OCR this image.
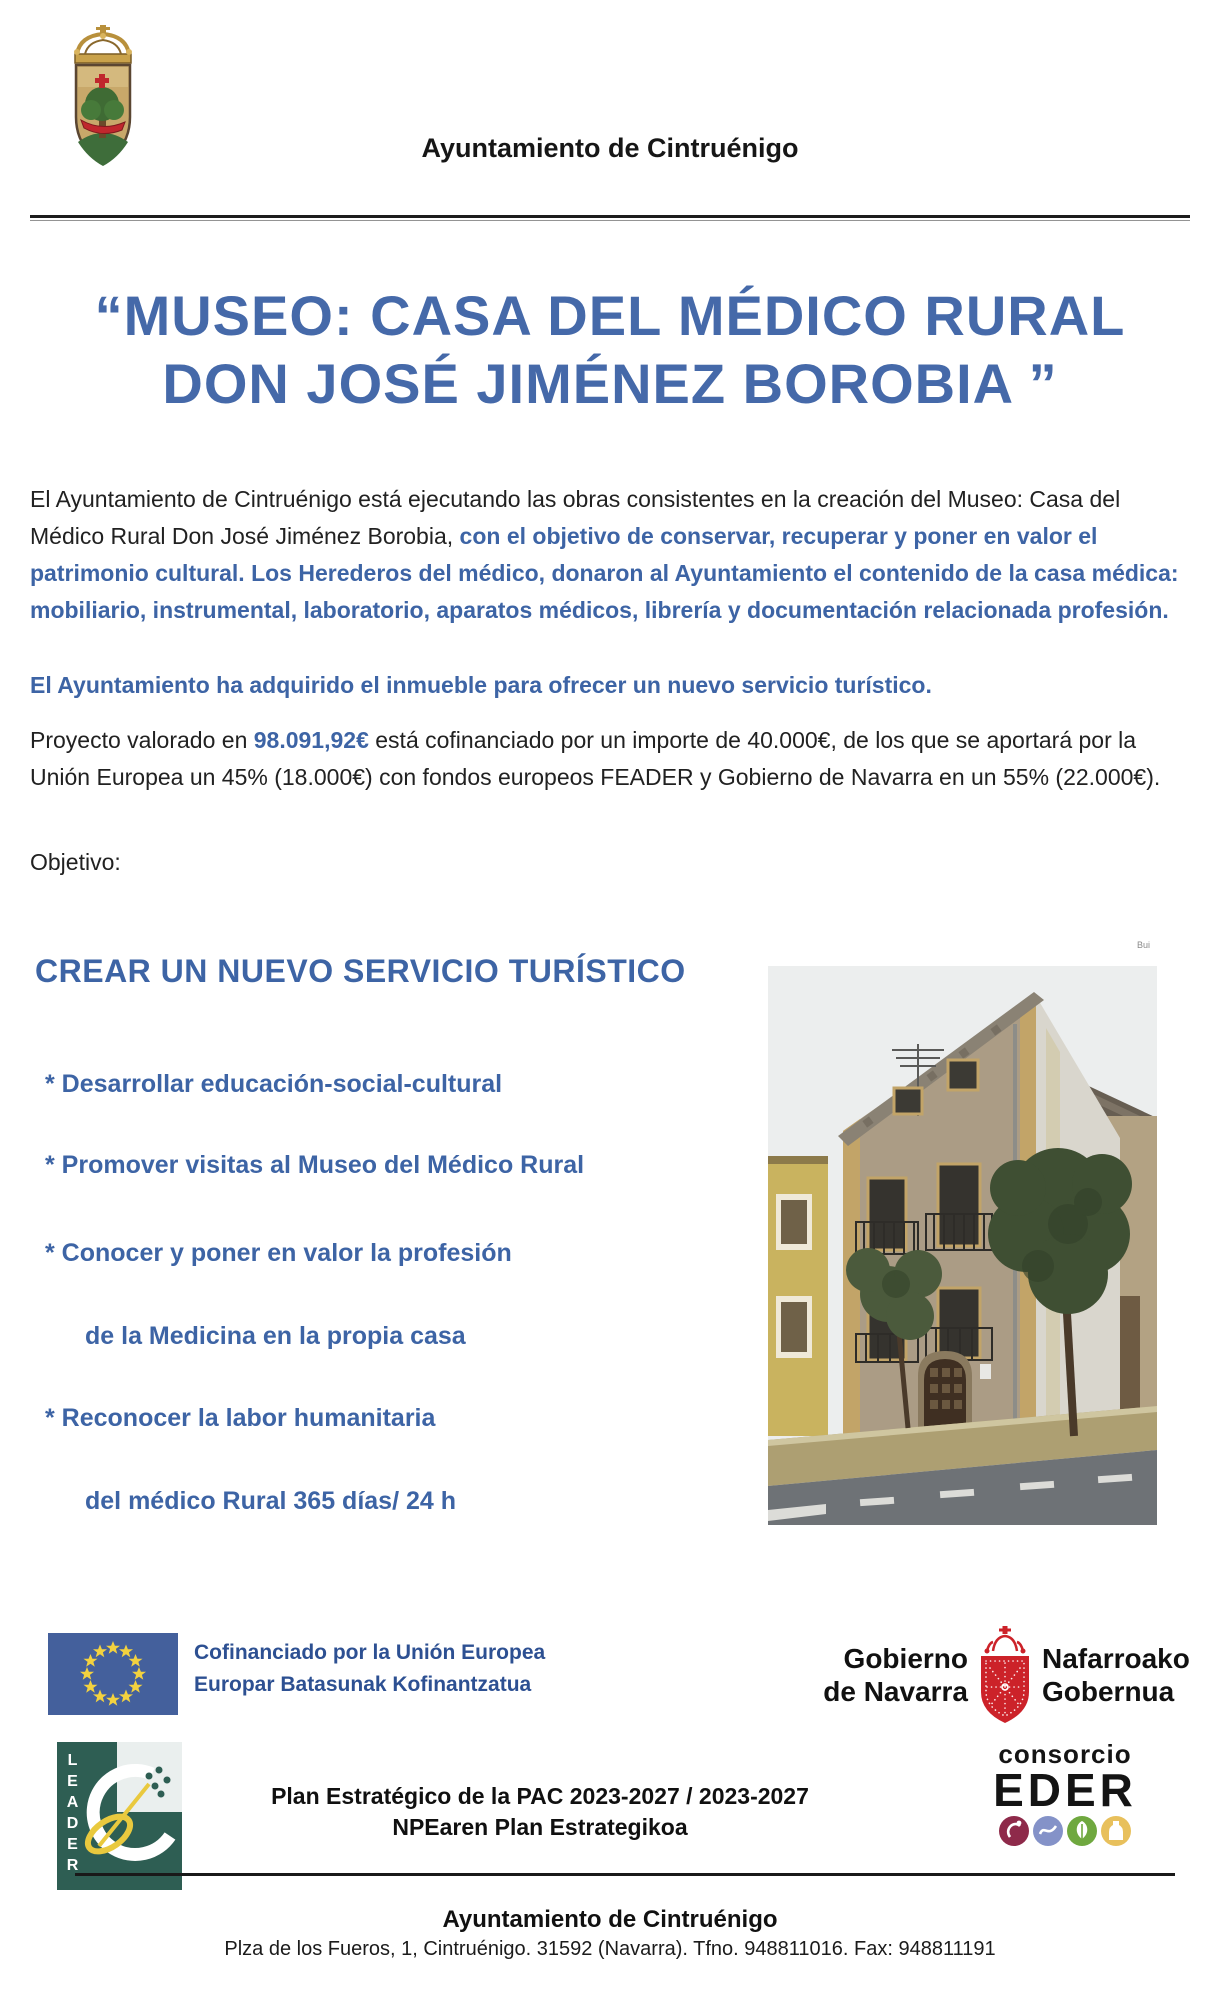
Ayuntamiento de Cintruénigo
“MUSEO: CASA DEL MÉDICO RURAL
DON JOSÉ JIMÉNEZ BOROBIA ”
El Ayuntamiento de Cintruénigo está ejecutando las obras consistentes en la creación del Museo: Casa del Médico Rural Don José Jiménez Borobia, con el objetivo de conservar, recuperar y poner en valor el patrimonio cultural. Los Herederos del médico, donaron al Ayuntamiento el contenido de la casa médica: mobiliario, instrumental, laboratorio, aparatos médicos, librería y documentación relacionada profesión.
El Ayuntamiento ha adquirido el inmueble para ofrecer un nuevo servicio turístico.
Proyecto valorado en 98.091,92€ está cofinanciado por un importe de 40.000€, de los que se aportará por la Unión Europea un 45% (18.000€) con fondos europeos FEADER y Gobierno de Navarra en un 55% (22.000€).
Objetivo:
CREAR UN NUEVO SERVICIO TURÍSTICO
* Desarrollar educación-social-cultural
* Promover visitas al Museo del Médico Rural
* Conocer y poner en valor la profesión
de la Medicina en la propia casa
* Reconocer la labor humanitaria
del médico Rural 365 días/ 24 h
Bui
Cofinanciado por la Unión Europea
Europar Batasunak Kofinantzatua
Gobierno
de Navarra
Nafarroako
Gobernua
LEADER	Plan Estratégico de la PAC 2023-2027 / 2023-2027 NPEaren Plan Estrategikoa
consorcio
EDER
Ayuntamiento de Cintruénigo
Plza de los Fueros, 1, Cintruénigo. 31592 (Navarra). Tfno. 948811016. Fax: 948811191
